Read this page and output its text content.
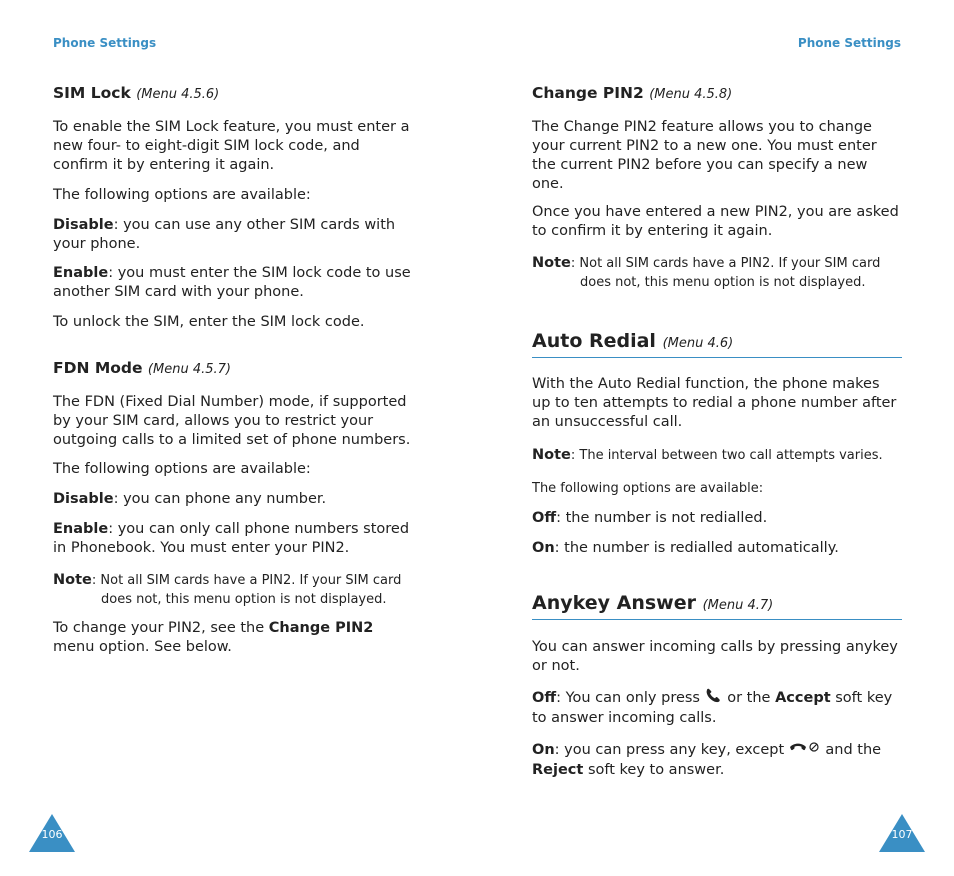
Phone Settings	Phone Settings

SIM Lock (Menu 4.5.6)

To enable the SIM Lock feature, you must enter a new four- to eight-digit SIM lock code, and confirm it by entering it again.

The following options are available:

Disable: you can use any other SIM cards with your phone.

Enable: you must enter the SIM lock code to use another SIM card with your phone.

To unlock the SIM, enter the SIM lock code.

FDN Mode (Menu 4.5.7)

The FDN (Fixed Dial Number) mode, if supported by your SIM card, allows you to restrict your outgoing calls to a limited set of phone numbers.

The following options are available:

Disable: you can phone any number.

Enable: you can only call phone numbers stored in Phonebook. You must enter your PIN2.

Note: Not all SIM cards have a PIN2. If your SIM card
does not, this menu option is not displayed.

To change your PIN2, see the Change PIN2 menu option. See below.

Change PIN2 (Menu 4.5.8)

The Change PIN2 feature allows you to change your current PIN2 to a new one. You must enter the current PIN2 before you can specify a new one.

Once you have entered a new PIN2, you are asked to confirm it by entering it again.

Note: Not all SIM cards have a PIN2. If your SIM card
does not, this menu option is not displayed.

Auto Redial (Menu 4.6)

With the Auto Redial function, the phone makes up to ten attempts to redial a phone number after an unsuccessful call.

Note: The interval between two call attempts varies.

The following options are available:

Off: the number is not redialled.

On: the number is redialled automatically.

Anykey Answer (Menu 4.7)

You can answer incoming calls by pressing anykey or not.

Off: You can only press  or the Accept soft key to answer incoming calls.

On: you can press any key, except  and the Reject soft key to answer.

106	107
